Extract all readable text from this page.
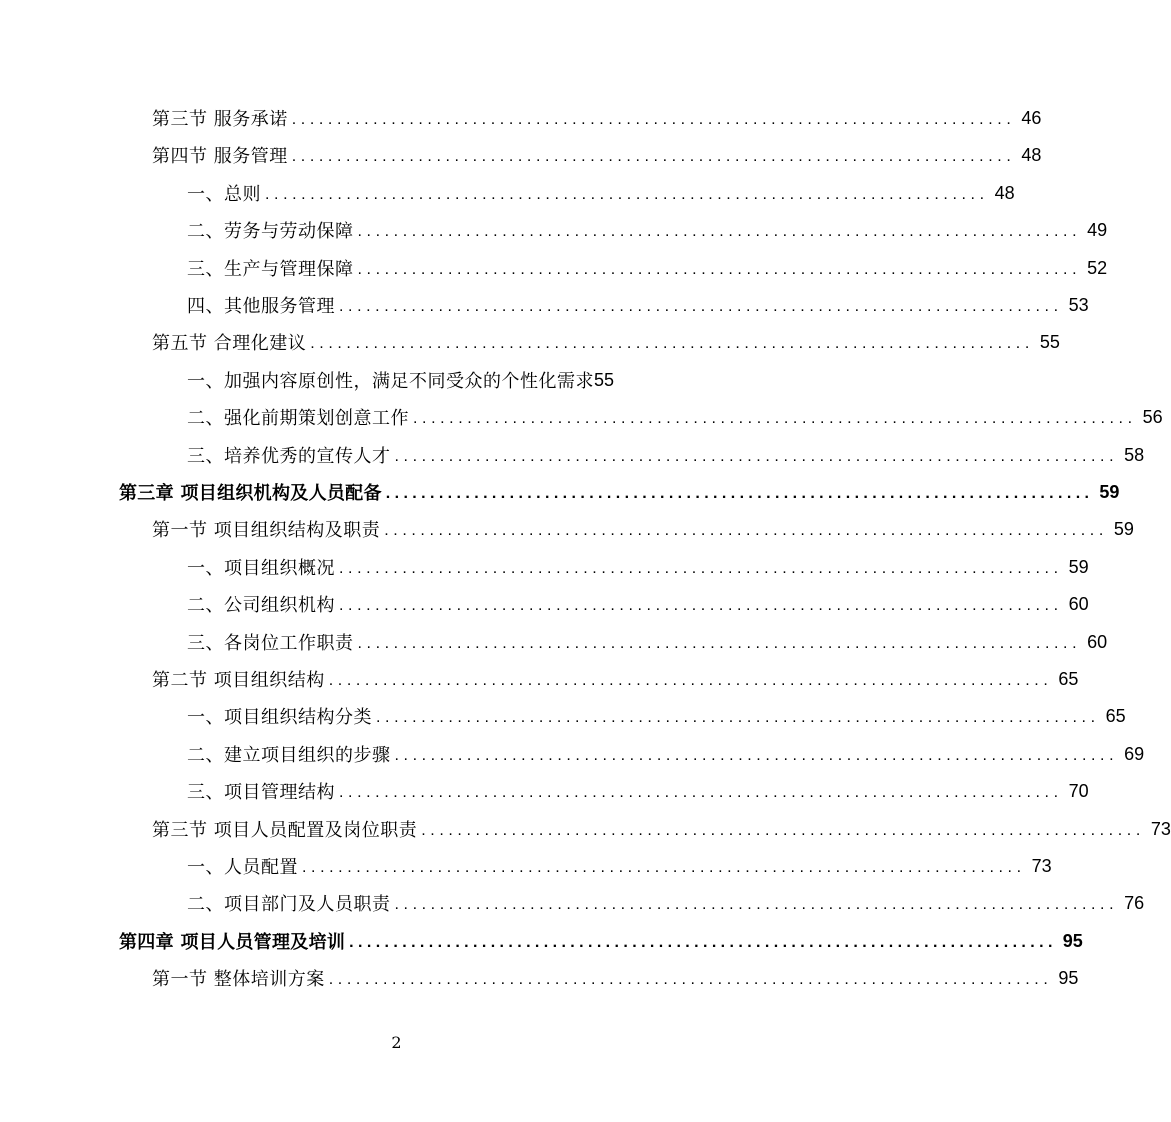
第三节 服务承诺 ................................................................................ 46
第四节 服务管理 ................................................................................ 48
一、总则 ................................................................................ 48
二、劳务与劳动保障 ................................................................................ 49
三、生产与管理保障 ................................................................................ 52
四、其他服务管理 ................................................................................ 53
第五节 合理化建议 ................................................................................ 55
一、加强内容原创性，满足不同受众的个性化需求 55
二、强化前期策划创意工作 ................................................................................ 56
三、培养优秀的宣传人才 ................................................................................ 58
第三章 项目组织机构及人员配备 ................................................................................ 59
第一节 项目组织结构及职责 ................................................................................ 59
一、项目组织概况 ................................................................................ 59
二、公司组织机构 ................................................................................ 60
三、各岗位工作职责 ................................................................................ 60
第二节 项目组织结构 ................................................................................ 65
一、项目组织结构分类 ................................................................................ 65
二、建立项目组织的步骤 ................................................................................ 69
三、项目管理结构 ................................................................................ 70
第三节 项目人员配置及岗位职责 ................................................................................ 73
一、人员配置 ................................................................................ 73
二、项目部门及人员职责 ................................................................................ 76
第四章 项目人员管理及培训 ................................................................................ 95
第一节 整体培训方案 ................................................................................ 95
2
